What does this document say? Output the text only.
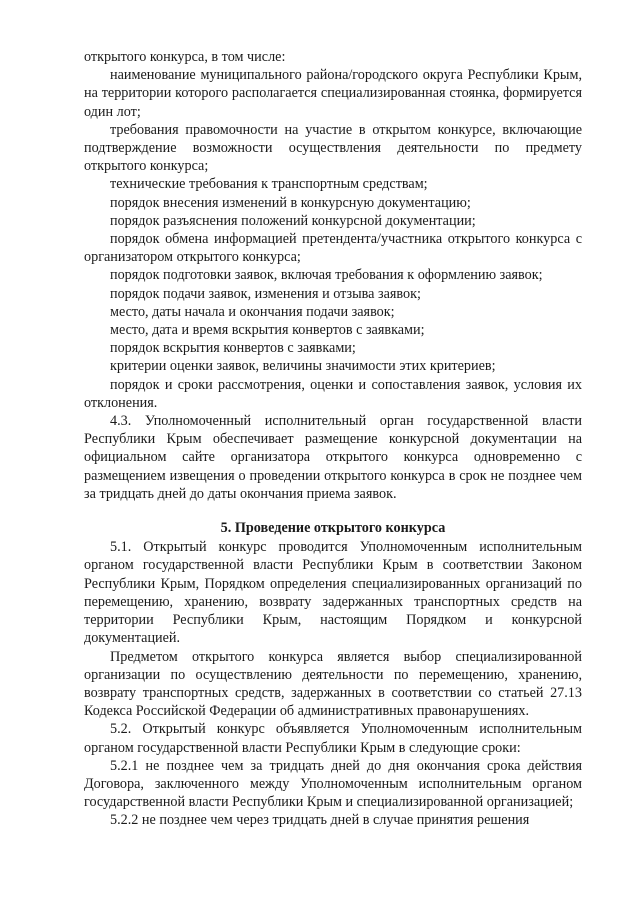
открытого конкурса, в том числе:

наименование муниципального района/городского округа Республики Крым, на территории которого располагается специализированная стоянка, формируется один лот;

требования правомочности на участие в открытом конкурсе, включающие подтверждение возможности осуществления деятельности по предмету открытого конкурса;

технические требования к транспортным средствам;

порядок внесения изменений в конкурсную документацию;

порядок разъяснения положений конкурсной документации;

порядок обмена информацией претендента/участника открытого конкурса с организатором открытого конкурса;

порядок подготовки заявок, включая требования к оформлению заявок;

порядок подачи заявок, изменения и отзыва заявок;

место, даты начала и окончания подачи заявок;

место, дата и время вскрытия конвертов с заявками;

порядок вскрытия конвертов с заявками;

критерии оценки заявок, величины значимости этих критериев;

порядок и сроки рассмотрения, оценки и сопоставления заявок, условия их отклонения.

4.3. Уполномоченный исполнительный орган государственной власти Республики Крым обеспечивает размещение конкурсной документации на официальном сайте организатора открытого конкурса одновременно с размещением извещения о проведении открытого конкурса в срок не позднее чем за тридцать дней до даты окончания приема заявок.

5. Проведение открытого конкурса

5.1. Открытый конкурс проводится Уполномоченным исполнительным органом государственной власти Республики Крым в соответствии Законом Республики Крым, Порядком определения специализированных организаций по перемещению, хранению, возврату задержанных транспортных средств на территории Республики Крым, настоящим Порядком и конкурсной документацией.

Предметом открытого конкурса является выбор специализированной организации по осуществлению деятельности по перемещению, хранению, возврату транспортных средств, задержанных в соответствии со статьей 27.13 Кодекса Российской Федерации об административных правонарушениях.

5.2. Открытый конкурс объявляется Уполномоченным исполнительным органом государственной власти Республики Крым в следующие сроки:

5.2.1 не позднее чем за тридцать дней до дня окончания срока действия Договора, заключенного между Уполномоченным исполнительным органом государственной власти Республики Крым и специализированной организацией;

5.2.2 не позднее чем через тридцать дней в случае принятия решения
